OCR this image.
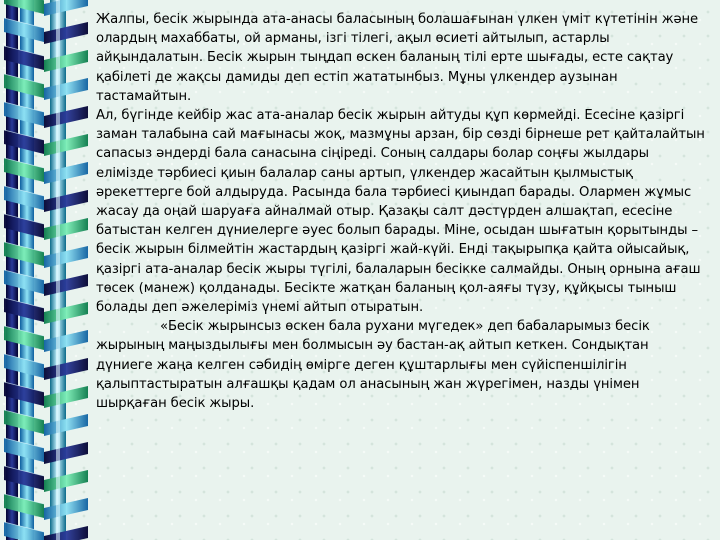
Жалпы, бесік жырында ата-анасы баласының болашағынан үлкен үміт күтетінін және олардың махаббаты, ой арманы, ізгі тілегі, ақыл өсиеті айтылып, астарлы айқындалатын. Бесік жырын тыңдап өскен баланың тілі ерте шығады, есте сақтау қабілеті де жақсы дамиды деп естіп жататынбыз. Мұны үлкендер аузынан тастамайтын.

Ал, бүгінде кейбір жас ата-аналар бесік жырын айтуды құп көрмейді. Есесіне қазіргі заман талабына сай мағынасы жоқ, мазмұны арзан, бір сөзді бірнеше рет қайталайтын сапасыз әндерді бала санасына сіңіреді. Соның салдары болар соңғы жылдары елімізде тәрбиесі қиын балалар саны артып, үлкендер жасайтын қылмыстық әрекеттерге бой алдыруда. Расында бала тәрбиесі қиындап барады. Олармен жұмыс жасау да оңай шаруаға айналмай отыр. Қазақы салт дәстүрден алшақтап, есесіне батыстан келген дүниелерге әуес болып барады. Міне, осыдан шығатын қорытынды – бесік жырын білмейтін жастардың қазіргі жай-күйі. Енді тақырыпқа қайта ойысайық, қазіргі ата-аналар бесік жыры түгілі, балаларын бесікке салмайды. Оның орнына ағаш төсек (манеж) қолданады. Бесікте жатқан баланың қол-аяғы түзу, құйқысы тыныш болады деп әжелеріміз үнемі айтып отыратын.

«Бесік жырынсыз өскен бала рухани мүгедек» деп бабаларымыз бесік жырының маңыздылығы мен болмысын әу бастан-ақ айтып кеткен. Сондықтан дүниеге жаңа келген сәбидің өмірге деген құштарлығы мен сүйіспеншілігін қалыптастыратын алғашқы қадам ол анасының жан жүрегімен, назды үнімен шырқаған бесік жыры.
